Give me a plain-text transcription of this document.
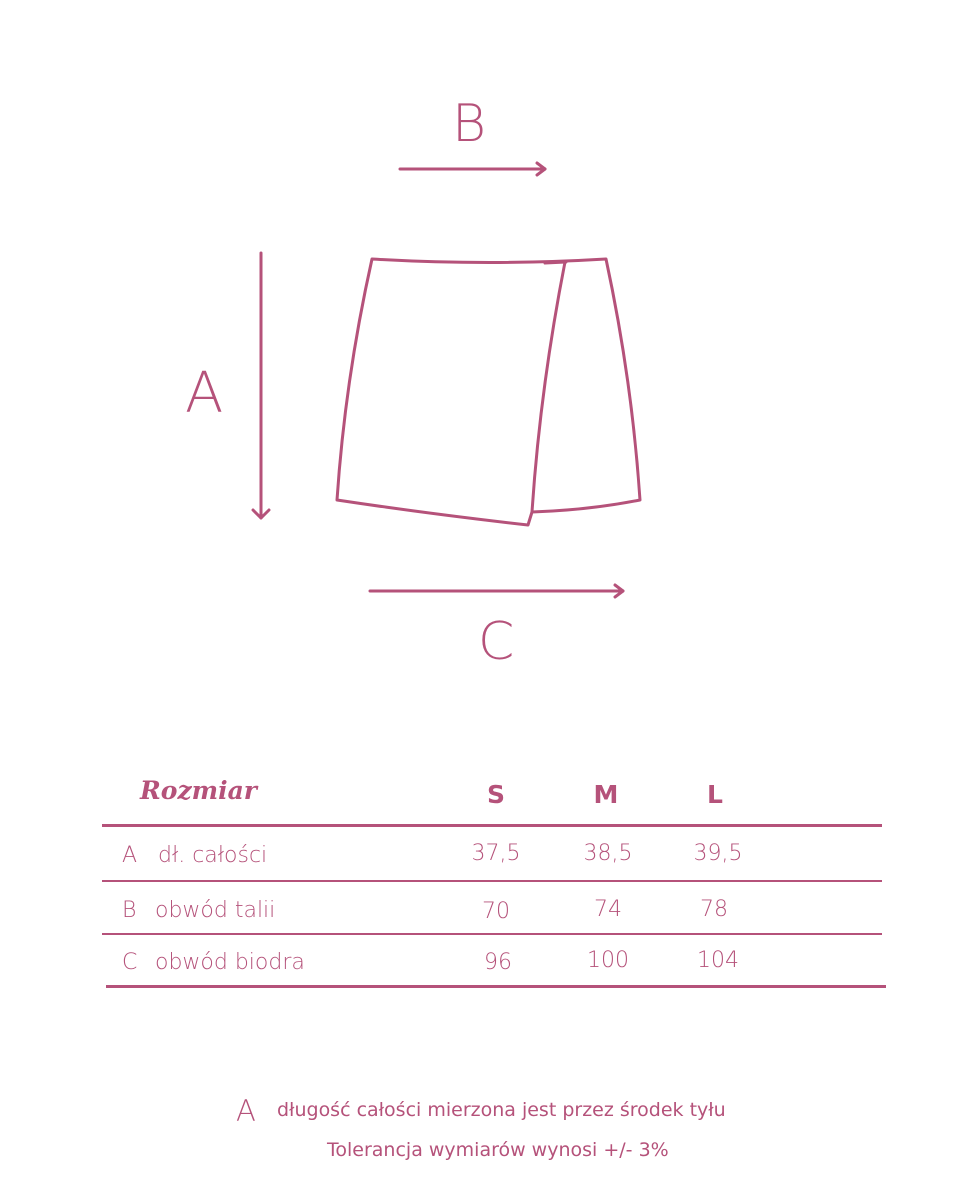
B
A
C
Rozmiar	S	M	L
A dł. całości	37,5	38,5	39,5
B obwód talii	70	74	78
C obwód biodra	96	100	104
A długość całości mierzona jest przez środek tyłu
Tolerancja wymiarów wynosi +/- 3%
